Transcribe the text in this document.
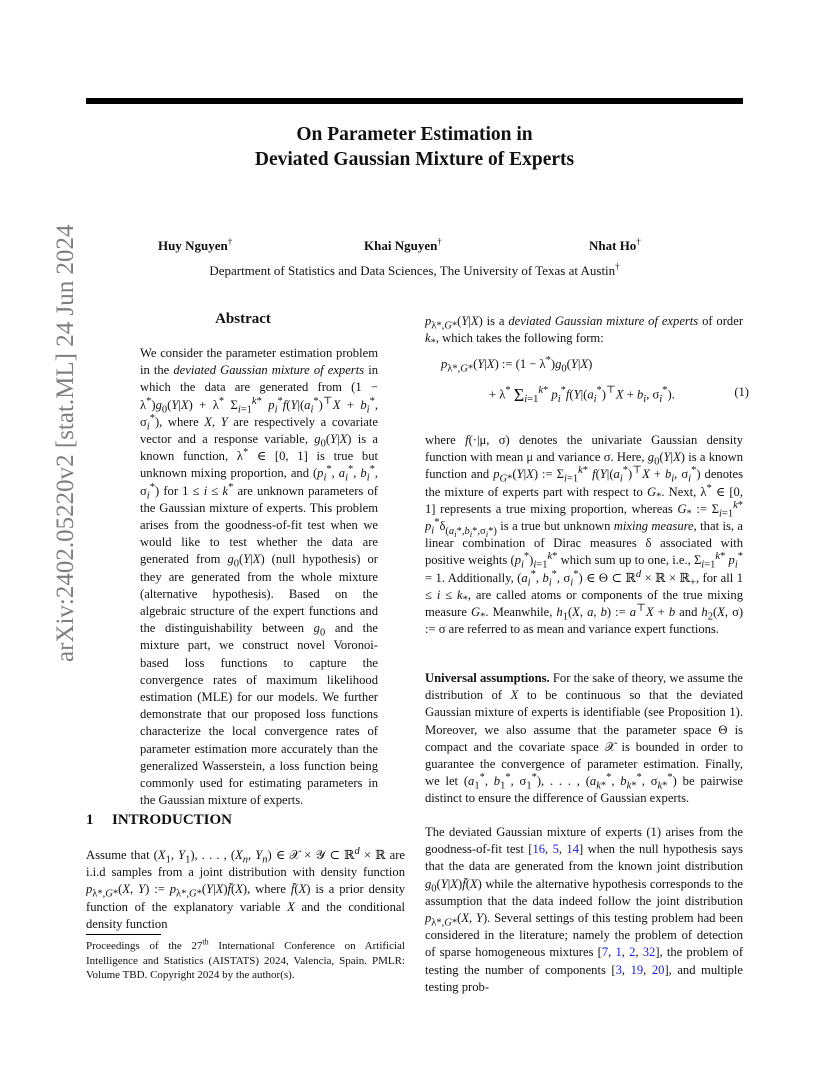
On Parameter Estimation in
Deviated Gaussian Mixture of Experts
Huy Nguyen†	Khai Nguyen†	Nhat Ho†
Department of Statistics and Data Sciences, The University of Texas at Austin†
arXiv:2402.05220v2 [stat.ML] 24 Jun 2024	Abstract
We consider the parameter estimation problem in the deviated Gaussian mixture of experts in which the data are generated from $(1 - \lambda^*)g_0(Y|X) + \lambda^*$ $\Sigma_{i=1}^{k*}$ $p_i^*f(Y|(a_i^*)^⊤X + b_i^*$, $\sigma_i^*$), where X, Y are respectively a covariate vector and a response variable, $g_0(Y|X)$ is a known function, λ* ∈ [0, 1] is true but unknown mixing proportion, and ($p_i^*$, $a_i^*$, $b_i^*$, $\sigma_i^*$) for 1 ≤ i ≤ k* are unknown parameters of the Gaussian mixture of experts. This problem arises from the goodness-of-fit test when we would like to test whether the data are generated from $g_0(Y|X)$ (null hypothesis) or they are generated from the whole mixture (alternative hypothesis). Based on the algebraic structure of the expert functions and the distinguishability between $g_0$ and the mixture part, we construct novel Voronoi-based loss functions to capture the convergence rates of maximum likelihood estimation (MLE) for our models. We further demonstrate that our proposed loss functions characterize the local convergence rates of parameter estimation more accurately than the generalized Wasserstein, a loss function being commonly used for estimating parameters in the Gaussian mixture of experts.
1 INTRODUCTION
Assume that ($X_1$, $Y_1$), . . . , ($X_n$, $Y_n$) ∈ 𝒳 × 𝒴 ⊂ ℝ$^d$ × ℝ are i.i.d samples from a joint distribution with density function $p_{\lambda*,G*}(X$, Y) := $p_{\lambda*,G*}(Y|X)f̄(X)$, where f̄(X) is a prior density function of the explanatory variable X and the conditional density function
Proceedings of the 27th International Conference on Artificial Intelligence and Statistics (AISTATS) 2024, Valencia, Spain. PMLR: Volume TBD. Copyright 2024 by the author(s).
$p_{\lambda*,G*}(Y|X)$ is a deviated Gaussian mixture of experts of order $k_*$, which takes the following form:
$p_{\lambda*,G*}(Y|X)$ := $(1 - \lambda^*)g_0(Y|X)$
+ λ* $\Sigma_{i=1}^{k*}$ $p_i^*f(Y|(a_i^*)^⊤X + b_i$, $\sigma_i^*$).	(1)
where f(·|μ, σ) denotes the univariate Gaussian density function with mean μ and variance σ. Here, $g_0(Y|X)$ is a known function and $p_{G*}(Y|X)$ := $\Sigma_{i=1}^{k*}$ $f(Y|(a_i^*)^⊤X + b_i$, $\sigma_i^*$) denotes the mixture of experts part with respect to $G_*$. Next, λ* ∈ [0, 1] represents a true mixing proportion, whereas $G_*$ := $\Sigma_{i=1}^{k*}$ $p_i^*\delta_{(a_i*,b_i*,\sigma_i*)}$ is a true but unknown mixing measure, that is, a linear combination of Dirac measures δ associated with positive weights $(p_i^*)_{i=1}^{k*}$ which sum up to one, i.e., $\Sigma_{i=1}^{k*}$ $p_i^* = 1$. Additionally, ($a_i^*$, $b_i^*$, $\sigma_i^*$) ∈ Θ ⊂ ℝ$^d$ × ℝ × ℝ$_+$, for all $1 \le i \le k_*$, are called atoms or components of the true mixing measure $G_*$. Meanwhile, $h_1(X$, a, b) := a⊤X + b and $h_2(X$, σ) := σ are referred to as mean and variance expert functions.
Universal assumptions. For the sake of theory, we assume the distribution of X to be continuous so that the deviated Gaussian mixture of experts is identifiable (see Proposition 1). Moreover, we also assume that the parameter space Θ is compact and the covariate space 𝒳 is bounded in order to guarantee the convergence of parameter estimation. Finally, we let ($a_1^*$, $b_1^*$, $\sigma_1^*$), . . . , ($a_{k*}^*$, $b_{k*}^*$, $\sigma_{k*}^*$) be pairwise distinct to ensure the difference of Gaussian experts.
The deviated Gaussian mixture of experts (1) arises from the goodness-of-fit test [16, 5, 14] when the null hypothesis says that the data are generated from the known joint distribution $g_0(Y|X)f̄(X)$ while the alternative hypothesis corresponds to the assumption that the data indeed follow the joint distribution $p_{\lambda*,G*}(X$, Y). Several settings of this testing problem had been considered in the literature; namely the problem of detection of sparse homogeneous mixtures [7, 1, 2, 32], the problem of testing the number of components [3, 19, 20], and multiple testing prob-
